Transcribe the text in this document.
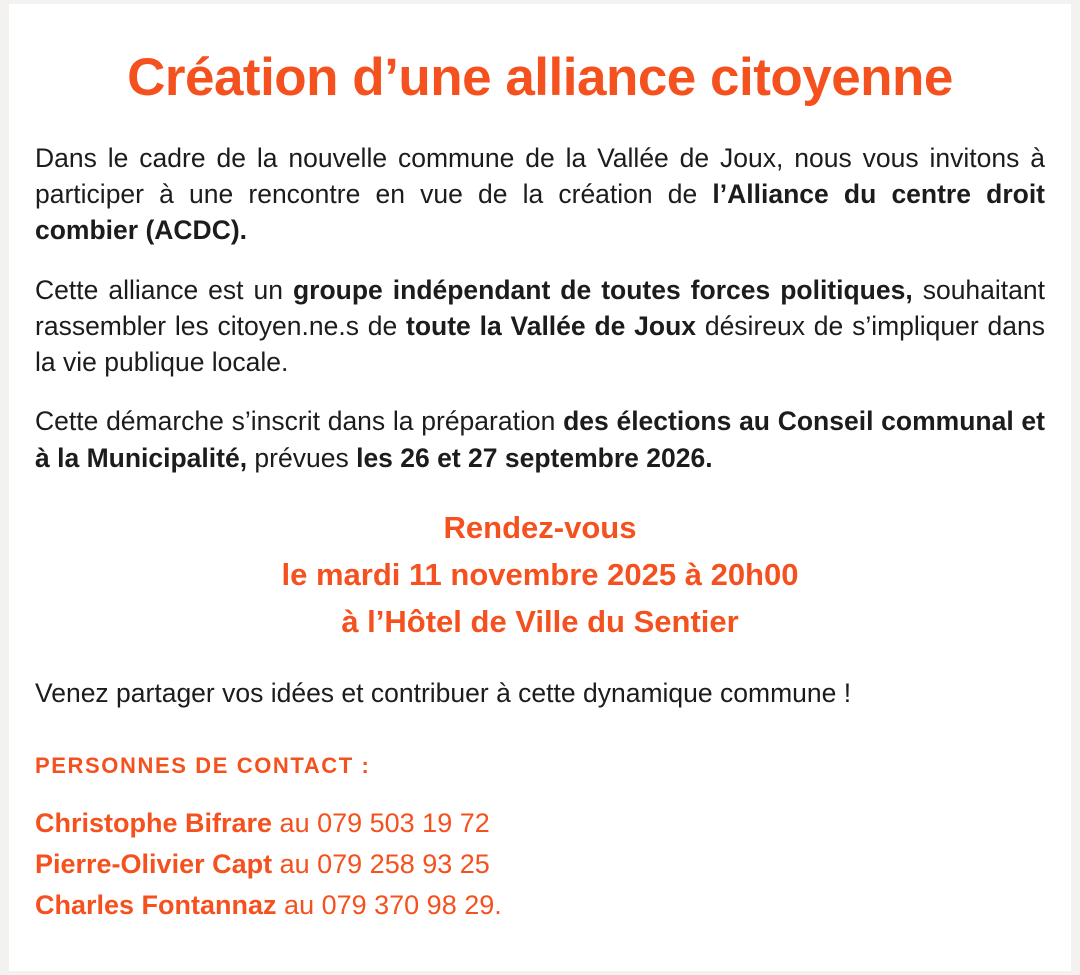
Création d’une alliance citoyenne

Dans le cadre de la nouvelle commune de la Vallée de Joux, nous vous invitons à participer à une rencontre en vue de la création de l’Alliance du centre droit combier (ACDC).

Cette alliance est un groupe indépendant de toutes forces politiques, souhaitant rassembler les citoyen.ne.s de toute la Vallée de Joux désireux de s’impliquer dans la vie publique locale.

Cette démarche s’inscrit dans la préparation des élections au Conseil communal et à la Municipalité, prévues les 26 et 27 septembre 2026.

Rendez-vous
le mardi 11 novembre 2025 à 20h00
à l’Hôtel de Ville du Sentier

Venez partager vos idées et contribuer à cette dynamique commune !

PERSONNES DE CONTACT :
Christophe Bifrare au 079 503 19 72
Pierre-Olivier Capt au 079 258 93 25
Charles Fontannaz au 079 370 98 29.
